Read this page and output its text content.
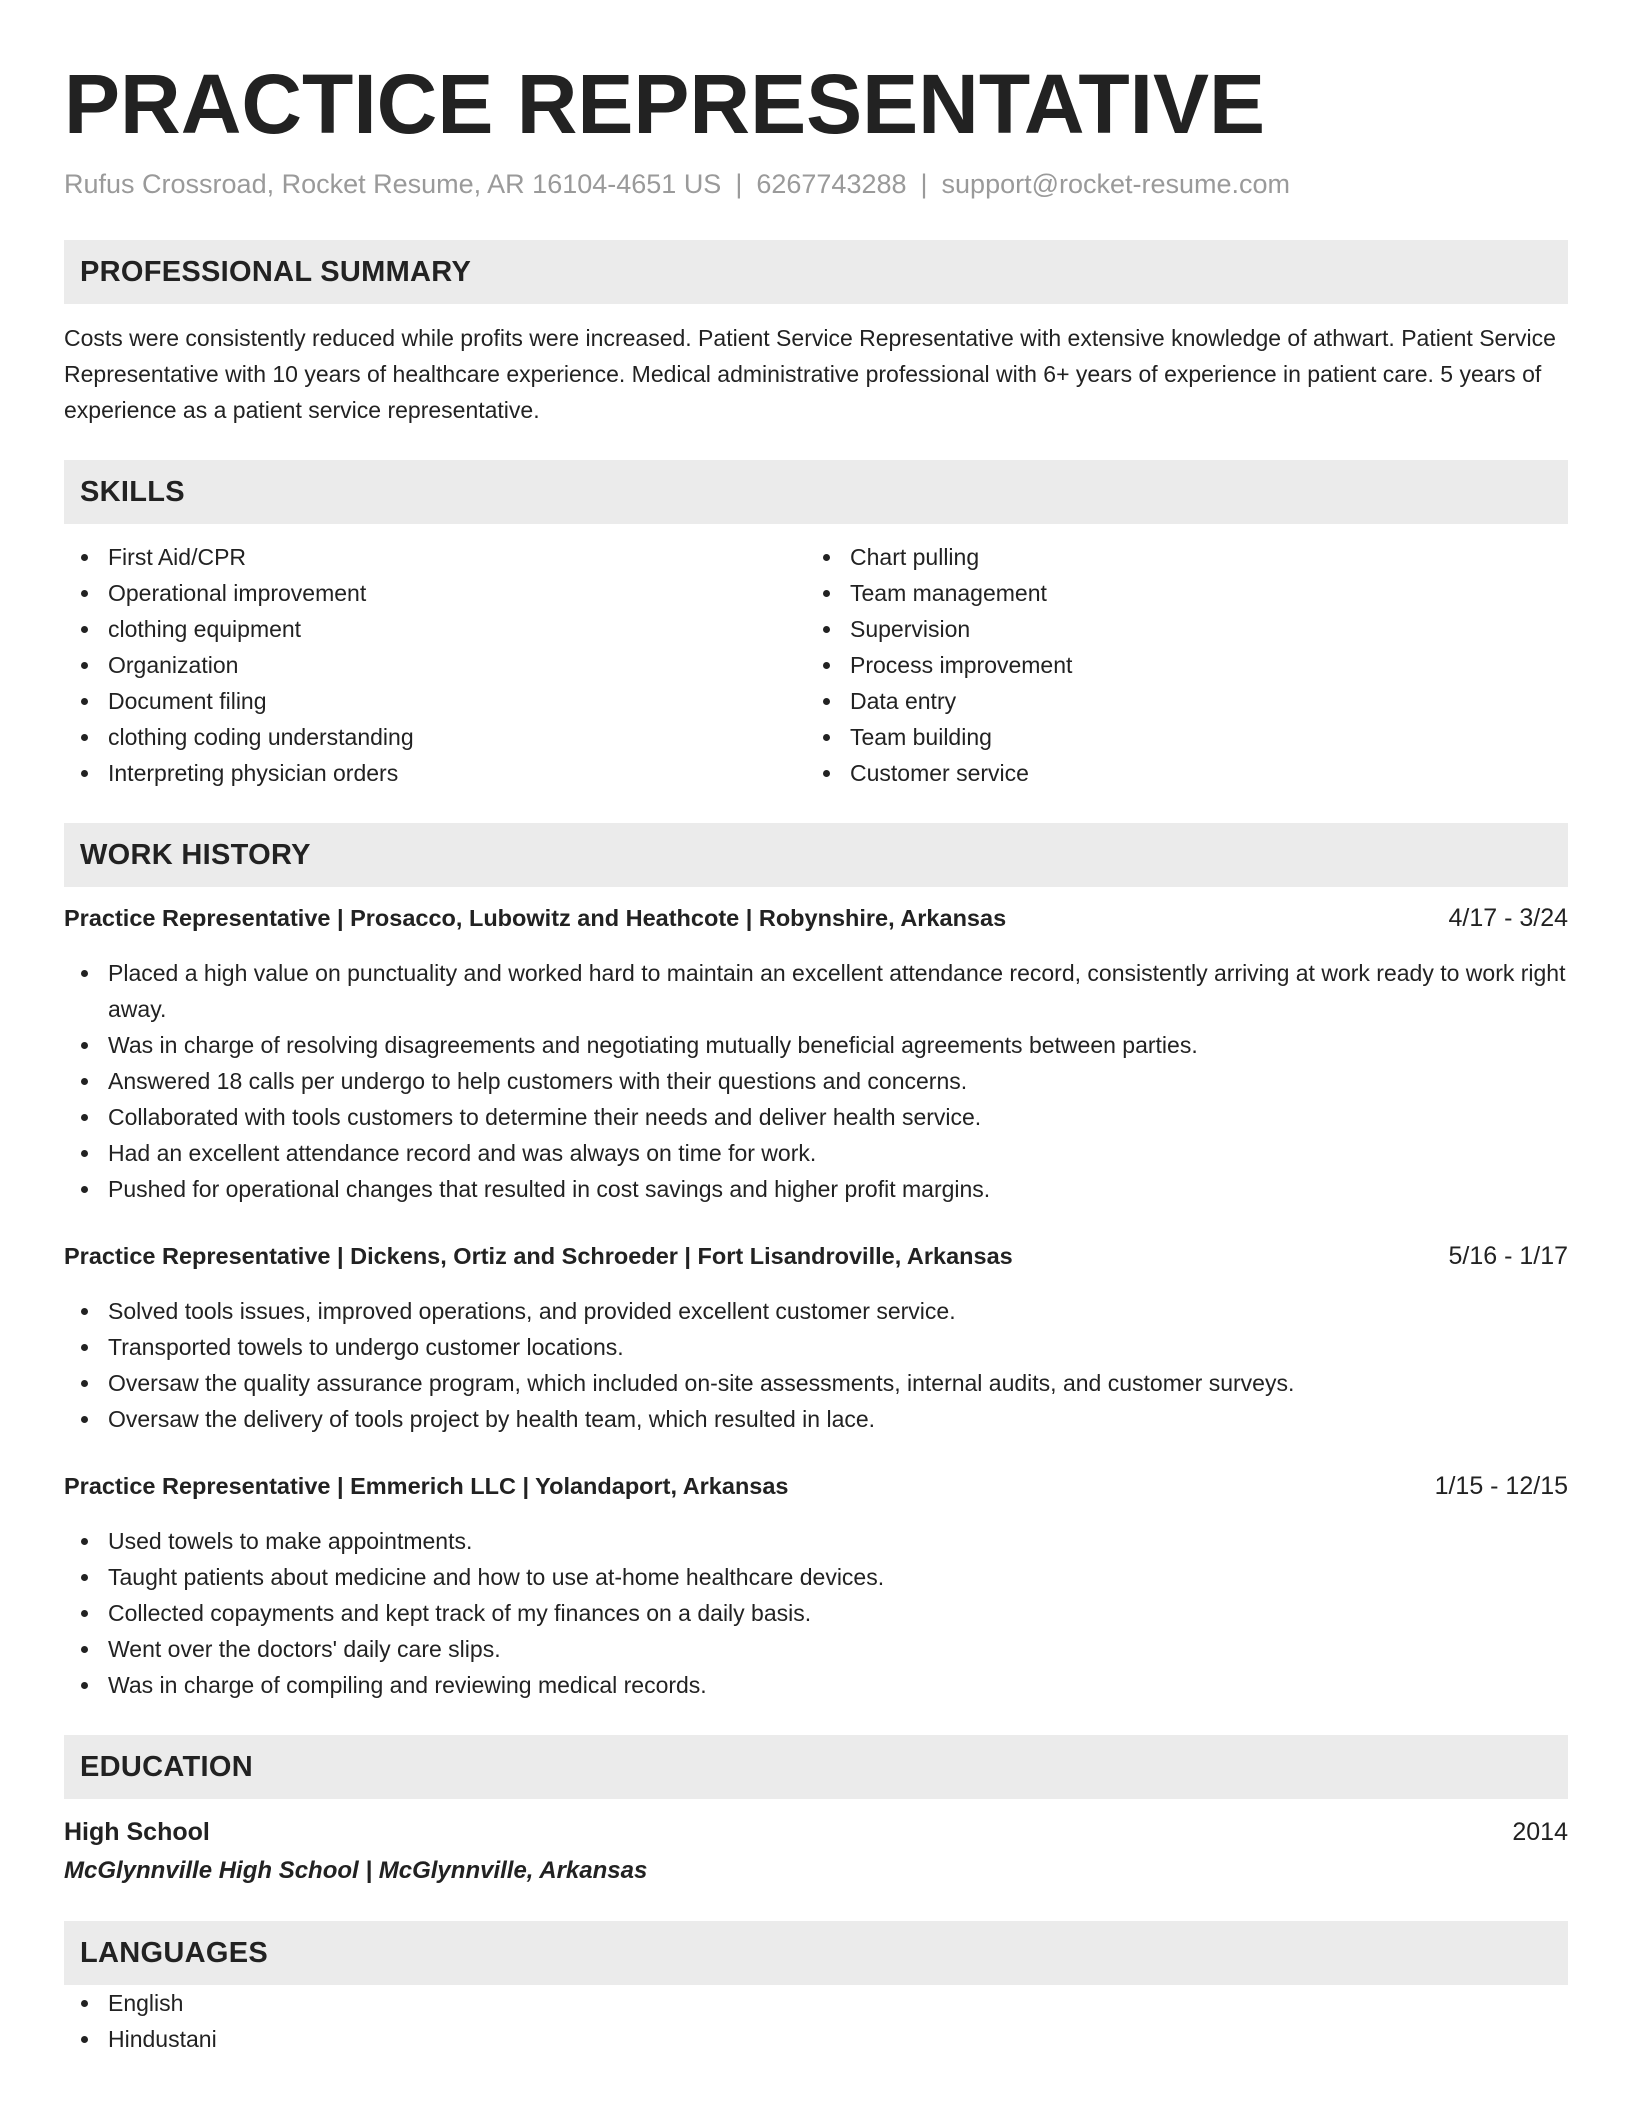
PRACTICE REPRESENTATIVE
Rufus Crossroad, Rocket Resume, AR 16104-4651 US | 6267743288 | support@rocket-resume.com
PROFESSIONAL SUMMARY

Costs were consistently reduced while profits were increased. Patient Service Representative with extensive knowledge of athwart. Patient Service Representative with 10 years of healthcare experience. Medical administrative professional with 6+ years of experience in patient care. 5 years of experience as a patient service representative.

SKILLS
First Aid/CPR
Operational improvement
clothing equipment
Organization
Document filing
clothing coding understanding
Interpreting physician orders
Chart pulling
Team management
Supervision
Process improvement
Data entry
Team building
Customer service
WORK HISTORY
Practice Representative | Prosacco, Lubowitz and Heathcote | Robynshire, Arkansas	4/17 - 3/24
Placed a high value on punctuality and worked hard to maintain an excellent attendance record, consistently arriving at work ready to work right away.
Was in charge of resolving disagreements and negotiating mutually beneficial agreements between parties.
Answered 18 calls per undergo to help customers with their questions and concerns.
Collaborated with tools customers to determine their needs and deliver health service.
Had an excellent attendance record and was always on time for work.
Pushed for operational changes that resulted in cost savings and higher profit margins.
Practice Representative | Dickens, Ortiz and Schroeder | Fort Lisandroville, Arkansas	5/16 - 1/17
Solved tools issues, improved operations, and provided excellent customer service.
Transported towels to undergo customer locations.
Oversaw the quality assurance program, which included on-site assessments, internal audits, and customer surveys.
Oversaw the delivery of tools project by health team, which resulted in lace.
Practice Representative | Emmerich LLC | Yolandaport, Arkansas	1/15 - 12/15
Used towels to make appointments.
Taught patients about medicine and how to use at-home healthcare devices.
Collected copayments and kept track of my finances on a daily basis.
Went over the doctors' daily care slips.
Was in charge of compiling and reviewing medical records.
EDUCATION
High School	2014
McGlynnville High School | McGlynnville, Arkansas
LANGUAGES
English
Hindustani
